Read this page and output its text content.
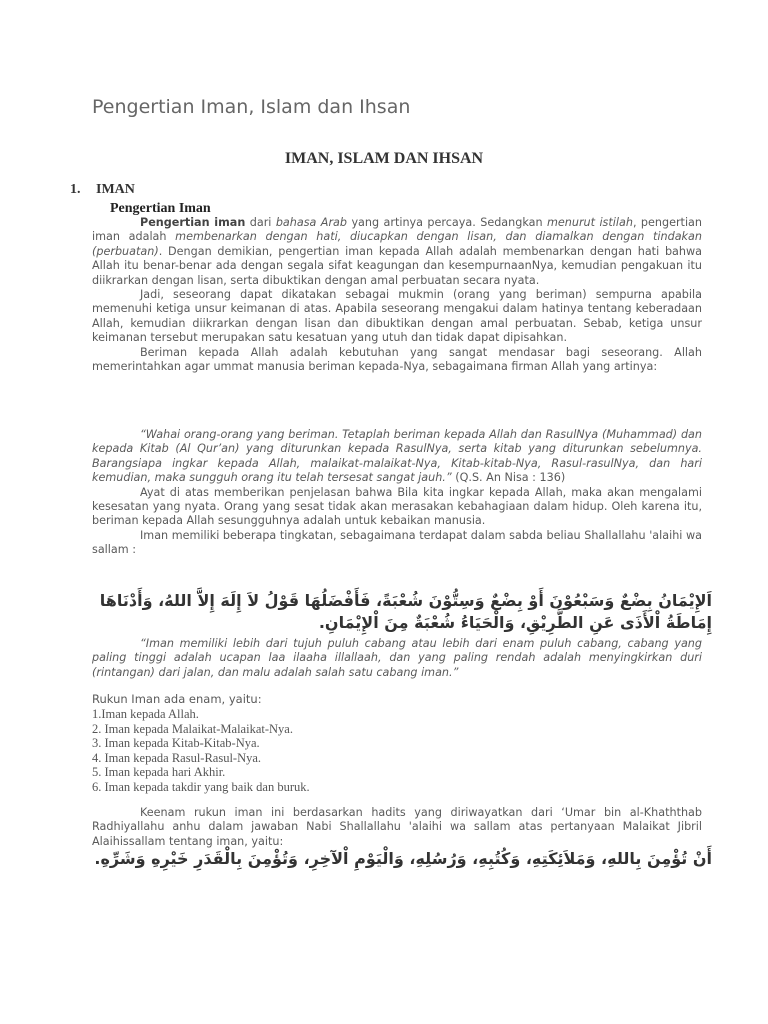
Pengertian Iman, Islam dan Ihsan
IMAN, ISLAM DAN IHSAN
1. IMAN
Pengertian Iman

Pengertian iman dari bahasa Arab yang artinya percaya. Sedangkan menurut istilah, pengertian iman adalah membenarkan dengan hati, diucapkan dengan lisan, dan diamalkan dengan tindakan (perbuatan). Dengan demikian, pengertian iman kepada Allah adalah membenarkan dengan hati bahwa Allah itu benar-benar ada dengan segala sifat keagungan dan kesempurnaanNya, kemudian pengakuan itu diikrarkan dengan lisan, serta dibuktikan dengan amal perbuatan secara nyata.

Jadi, seseorang dapat dikatakan sebagai mukmin (orang yang beriman) sempurna apabila memenuhi ketiga unsur keimanan di atas. Apabila seseorang mengakui dalam hatinya tentang keberadaan Allah, kemudian diikrarkan dengan lisan dan dibuktikan dengan amal perbuatan. Sebab, ketiga unsur keimanan tersebut merupakan satu kesatuan yang utuh dan tidak dapat dipisahkan.

Beriman kepada Allah adalah kebutuhan yang sangat mendasar bagi seseorang. Allah memerintahkan agar ummat manusia beriman kepada-Nya, sebagaimana firman Allah yang artinya:

“Wahai orang-orang yang beriman. Tetaplah beriman kepada Allah dan RasulNya (Muhammad) dan kepada Kitab (Al Qur’an) yang diturunkan kepada RasulNya, serta kitab yang diturunkan sebelumnya. Barangsiapa ingkar kepada Allah, malaikat-malaikat-Nya, Kitab-kitab-Nya, Rasul-rasulNya, dan hari kemudian, maka sungguh orang itu telah tersesat sangat jauh.” (Q.S. An Nisa : 136)

Ayat di atas memberikan penjelasan bahwa Bila kita ingkar kepada Allah, maka akan mengalami kesesatan yang nyata. Orang yang sesat tidak akan merasakan kebahagiaan dalam hidup. Oleh karena itu, beriman kepada Allah sesungguhnya adalah untuk kebaikan manusia.

Iman memiliki beberapa tingkatan, sebagaimana terdapat dalam sabda beliau Shallallahu 'alaihi wa sallam :

اَلإِيْمَانُ بِضْعٌ وَسَبْعُوْنَ أَوْ بِضْعٌ وَسِتُّوْنَ شُعْبَةً، فَأَفْضَلُهَا قَوْلُ لاَ إِلَهَ إِلاَّ اللهُ، وَأَدْنَاهَا إِمَاطَةُ اْلأَذَى عَنِ الطَّرِيْقِ، وَالْحَيَاءُ شُعْبَةٌ مِنَ اْلإِيْمَانِ.

“Iman memiliki lebih dari tujuh puluh cabang atau lebih dari enam puluh cabang, cabang yang paling tinggi adalah ucapan laa ilaaha illallaah, dan yang paling rendah adalah menyingkirkan duri (rintangan) dari jalan, dan malu adalah salah satu cabang iman.”

Rukun Iman ada enam, yaitu:
1.Iman kepada Allah.
2. Iman kepada Malaikat-Malaikat-Nya.
3. Iman kepada Kitab-Kitab-Nya.
4. Iman kepada Rasul-Rasul-Nya.
5. Iman kepada hari Akhir.
6. Iman kepada takdir yang baik dan buruk.

Keenam rukun iman ini berdasarkan hadits yang diriwayatkan dari ‘Umar bin al-Khaththab Radhiyallahu anhu dalam jawaban Nabi Shallallahu 'alaihi wa sallam atas pertanyaan Malaikat Jibril Alaihissallam tentang iman, yaitu:

أَنْ تُؤْمِنَ بِاللهِ، وَمَلاَئِكَتِهِ، وَكُتُبِهِ، وَرُسُلِهِ، وَالْيَوْمِ اْلآخِرِ، وَتُؤْمِنَ بِالْقَدَرِ خَيْرِهِ وَشَرِّهِ.
